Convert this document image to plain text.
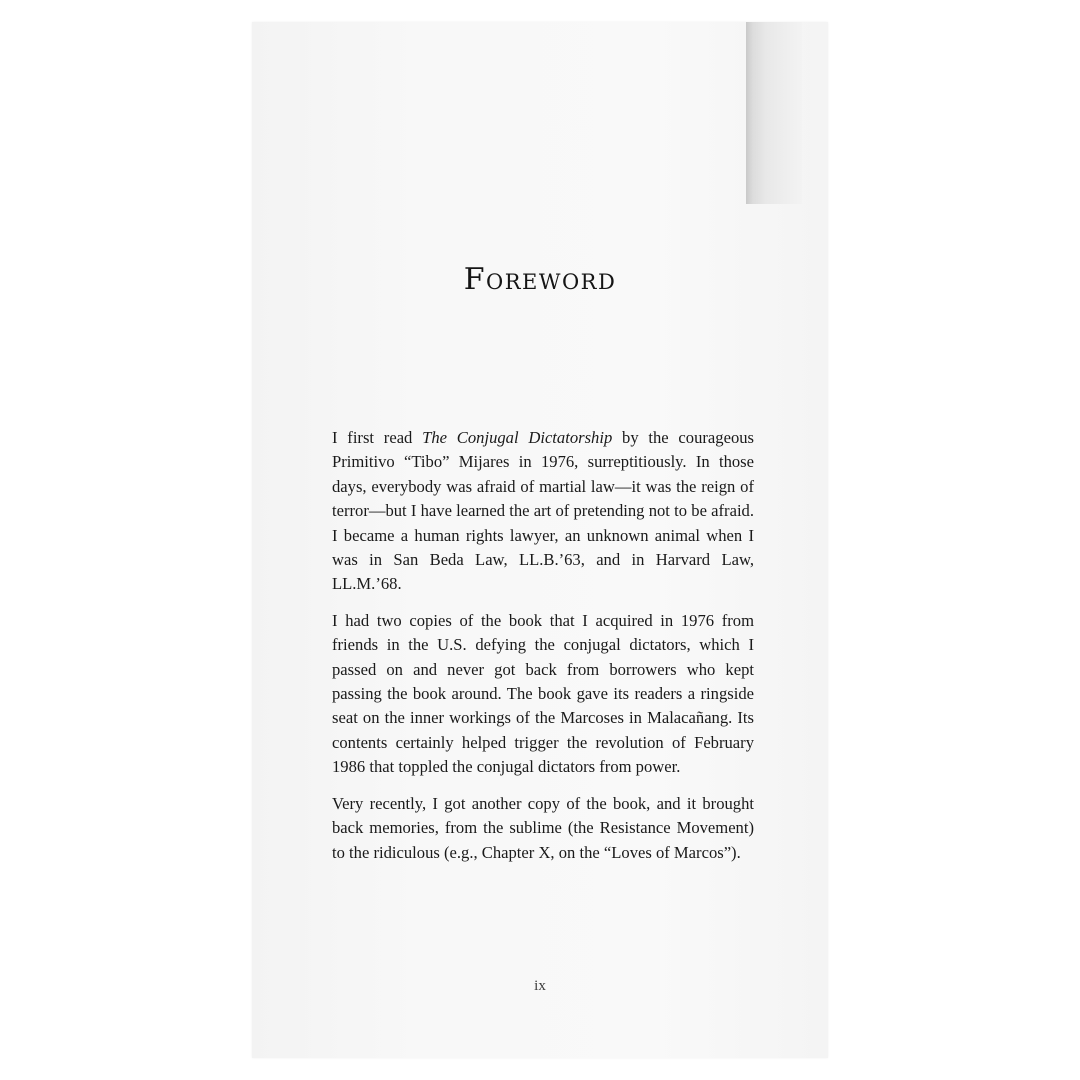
Foreword

I first read The Conjugal Dictatorship by the courageous Primitivo “Tibo” Mijares in 1976, surreptitiously. In those days, everybody was afraid of martial law—it was the reign of terror—but I have learned the art of pretending not to be afraid. I became a human rights lawyer, an unknown animal when I was in San Beda Law, LL.B.’63, and in Harvard Law, LL.M.’68.

I had two copies of the book that I acquired in 1976 from friends in the U.S. defying the conjugal dictators, which I passed on and never got back from borrowers who kept passing the book around. The book gave its readers a ringside seat on the inner workings of the Marcoses in Malacañang. Its contents certainly helped trigger the revolution of February 1986 that toppled the conjugal dictators from power.

Very recently, I got another copy of the book, and it brought back memories, from the sublime (the Resistance Movement) to the ridiculous (e.g., Chapter X, on the “Loves of Marcos”).

ix
